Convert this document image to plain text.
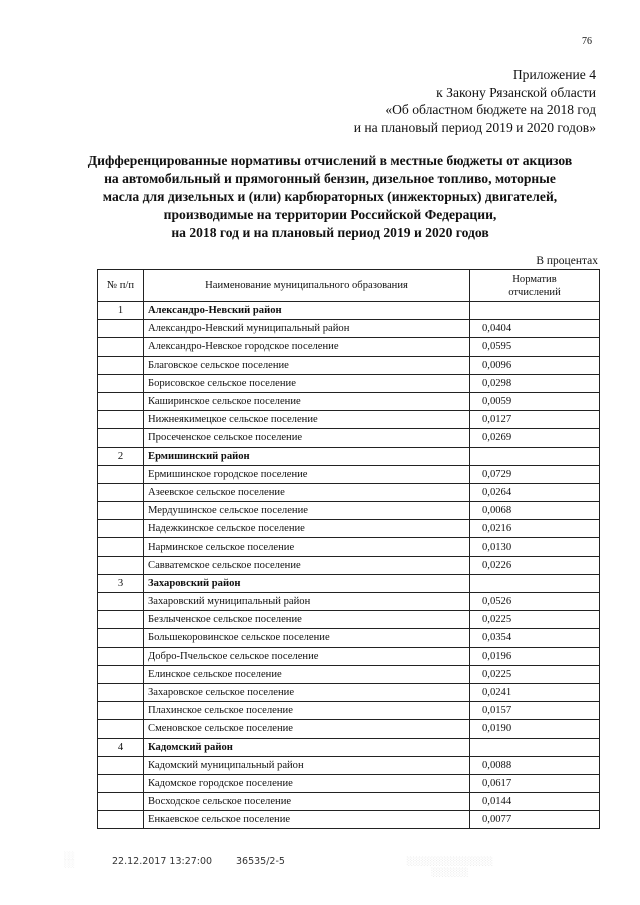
76
Приложение 4
к Закону Рязанской области
«Об областном бюджете на 2018 год
и на плановый период 2019 и 2020 годов»
Дифференцированные нормативы отчислений в местные бюджеты от акцизов
на автомобильный и прямогонный бензин, дизельное топливо, моторные
масла для дизельных и (или) карбюраторных (инжекторных) двигателей,
производимые на территории Российской Федерации,
на 2018 год и на плановый период 2019 и 2020 годов
В процентах
№ п/п	Наименование муниципального образования	Норматив
отчислений

1	Александро-Невский район	
	Александро-Невский муниципальный район	0,0404
	Александро-Невское городское поселение	0,0595
	Благовское сельское поселение	0,0096
	Борисовское сельское поселение	0,0298
	Каширинское сельское поселение	0,0059
	Нижнеякимецкое сельское поселение	0,0127
	Просеченское сельское поселение	0,0269
2	Ермишинский район	
	Ермишинское городское поселение	0,0729
	Азеевское сельское поселение	0,0264
	Мердушинское сельское поселение	0,0068
	Надежкинское сельское поселение	0,0216
	Нарминское сельское поселение	0,0130
	Савватемское сельское поселение	0,0226
3	Захаровский район	
	Захаровский муниципальный район	0,0526
	Безлыченское сельское поселение	0,0225
	Большекоровинское сельское поселение	0,0354
	Добро-Пчельское сельское поселение	0,0196
	Елинское сельское поселение	0,0225
	Захаровское сельское поселение	0,0241
	Плахинское сельское поселение	0,0157
	Сменовское сельское поселение	0,0190
4	Кадомский район	
	Кадомский муниципальный район	0,0088
	Кадомское городское поселение	0,0617
	Восходское сельское поселение	0,0144
	Енкаевское сельское поселение	0,0077
░░
░░	22.12.2017 13:27:00	36535/2-5	░░░░░░░░░░░░░░
░░░░░░
